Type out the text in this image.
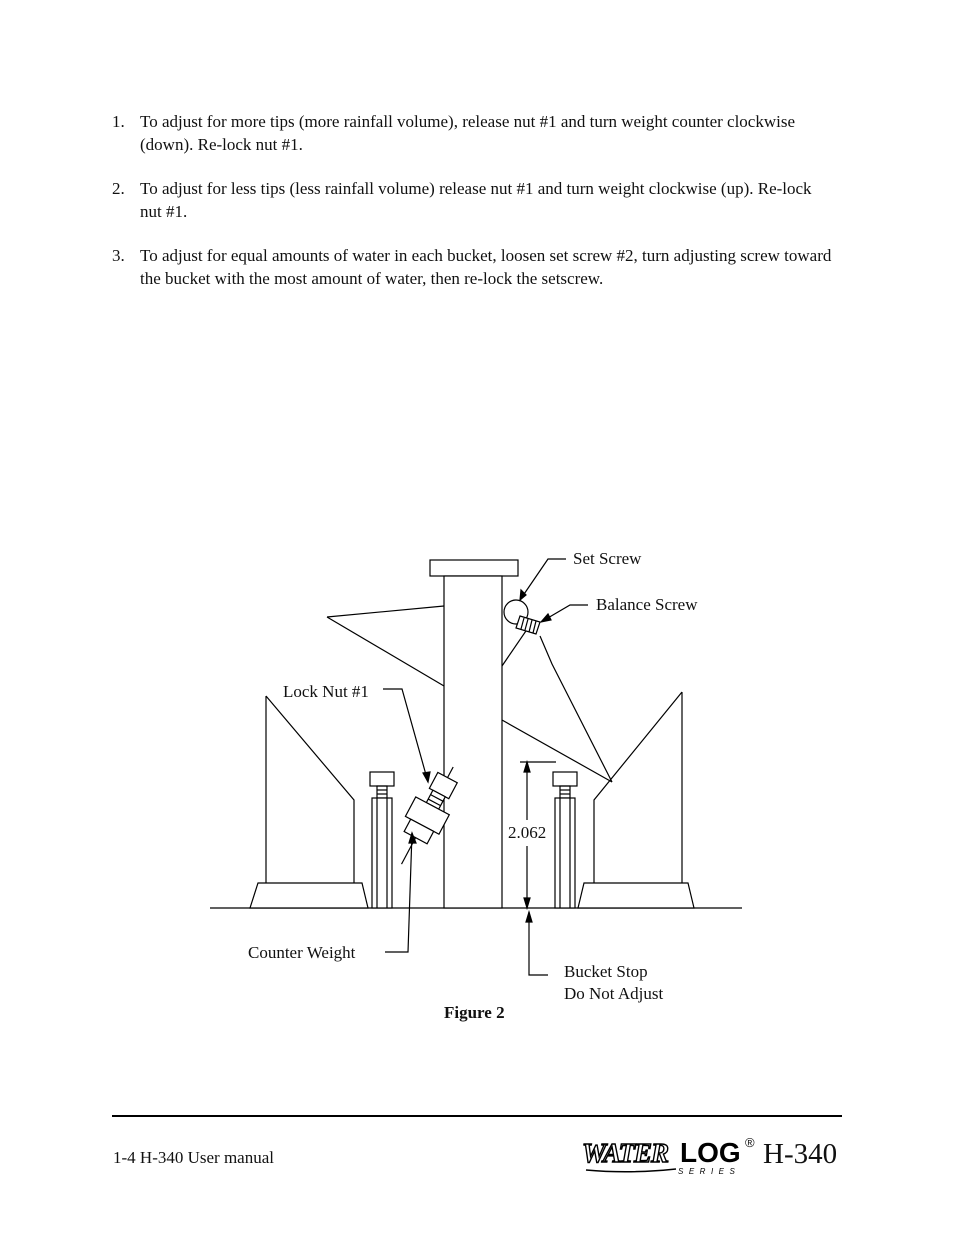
1. To adjust for more tips (more rainfall volume), release nut #1 and turn weight counter clockwise (down). Re-lock nut #1.
2. To adjust for less tips (less rainfall volume) release nut #1 and turn weight clockwise (up). Re-lock nut #1.
3. To adjust for equal amounts of water in each bucket, loosen set screw #2, turn adjusting screw toward the bucket with the most amount of water, then re-lock the setscrew.
Set Screw
Balance Screw
Lock Nut #1
2.062
Counter Weight
Bucket Stop
Do Not Adjust
Figure 2
1-4 H-340 User manual	WATER LOG
SERIES
® H-340
